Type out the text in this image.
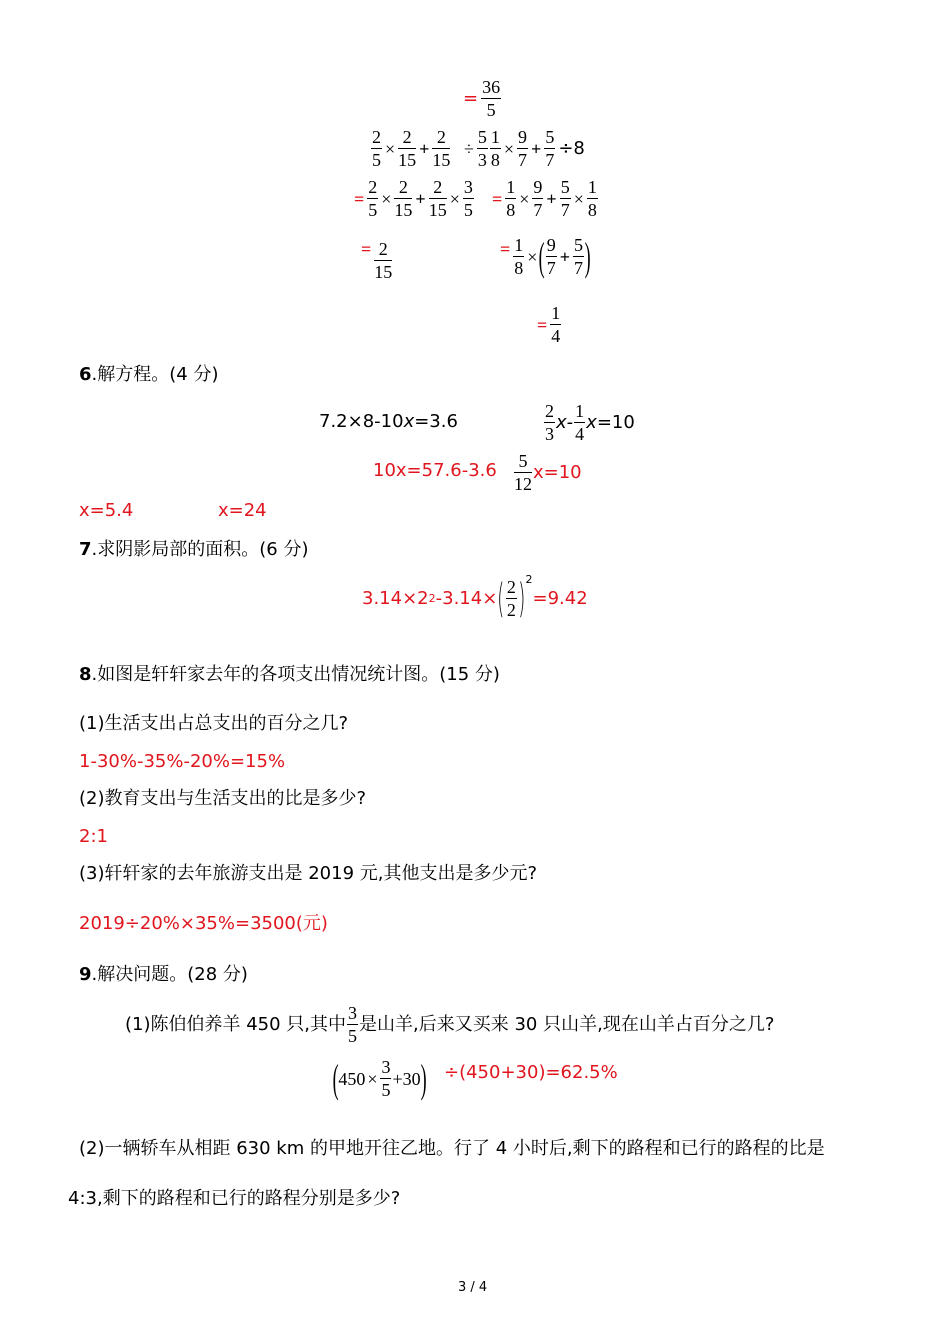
= $\frac{36}{5}$
$\frac{2}{5} \times \frac{2}{15} + \frac{2}{15} \div \frac{5}{3} \frac{1}{8} \times \frac{9}{7} + \frac{5}{7} \div 8$
= $\frac{2}{5} \times \frac{2}{15} + \frac{2}{15} \times \frac{3}{5} = \frac{1}{8} \times \frac{9}{7} + \frac{5}{7} \times \frac{1}{8}$
= $\frac{2}{15}$	= $\frac{1}{8}$ × ( $\frac{9}{7} + \frac{5}{7}$ )
= $\frac{1}{4}$
6.解方程。(4 分)
7.2×8-10x=3.6	$\frac{2}{3}$ x - $\frac{1}{4}$ x =10
$10x=57.6-3.6 \frac{5}{12} x=10$
x=5.4	x=24
7.求阴影局部的面积。(6 分)
3.14×2 2 -3.14× ( $\frac{2}{2}$ ) 2
=9.42
8.如图是轩轩家去年的各项支出情况统计图。(15 分)
(1)生活支出占总支出的百分之几?
1-30%-35%-20%=15%
(2)教育支出与生活支出的比是多少?
2:1
(3)轩轩家的去年旅游支出是 2019 元,其他支出是多少元?
2019÷20%×35%=3500(元)
9.解决问题。(28 分)
(1)陈伯伯养羊 450 只,其中 $\frac{3}{5}$ 是山羊,后来又买来 30 只山羊,现在山羊占百分之几?
( $450 \times \frac{3}{5} +30$ ) ÷(450+30)=62.5%
(2)一辆轿车从相距 630 km 的甲地开往乙地。行了 4 小时后,剩下的路程和已行的路程的比是
4:3,剩下的路程和已行的路程分别是多少?
3 / 4
